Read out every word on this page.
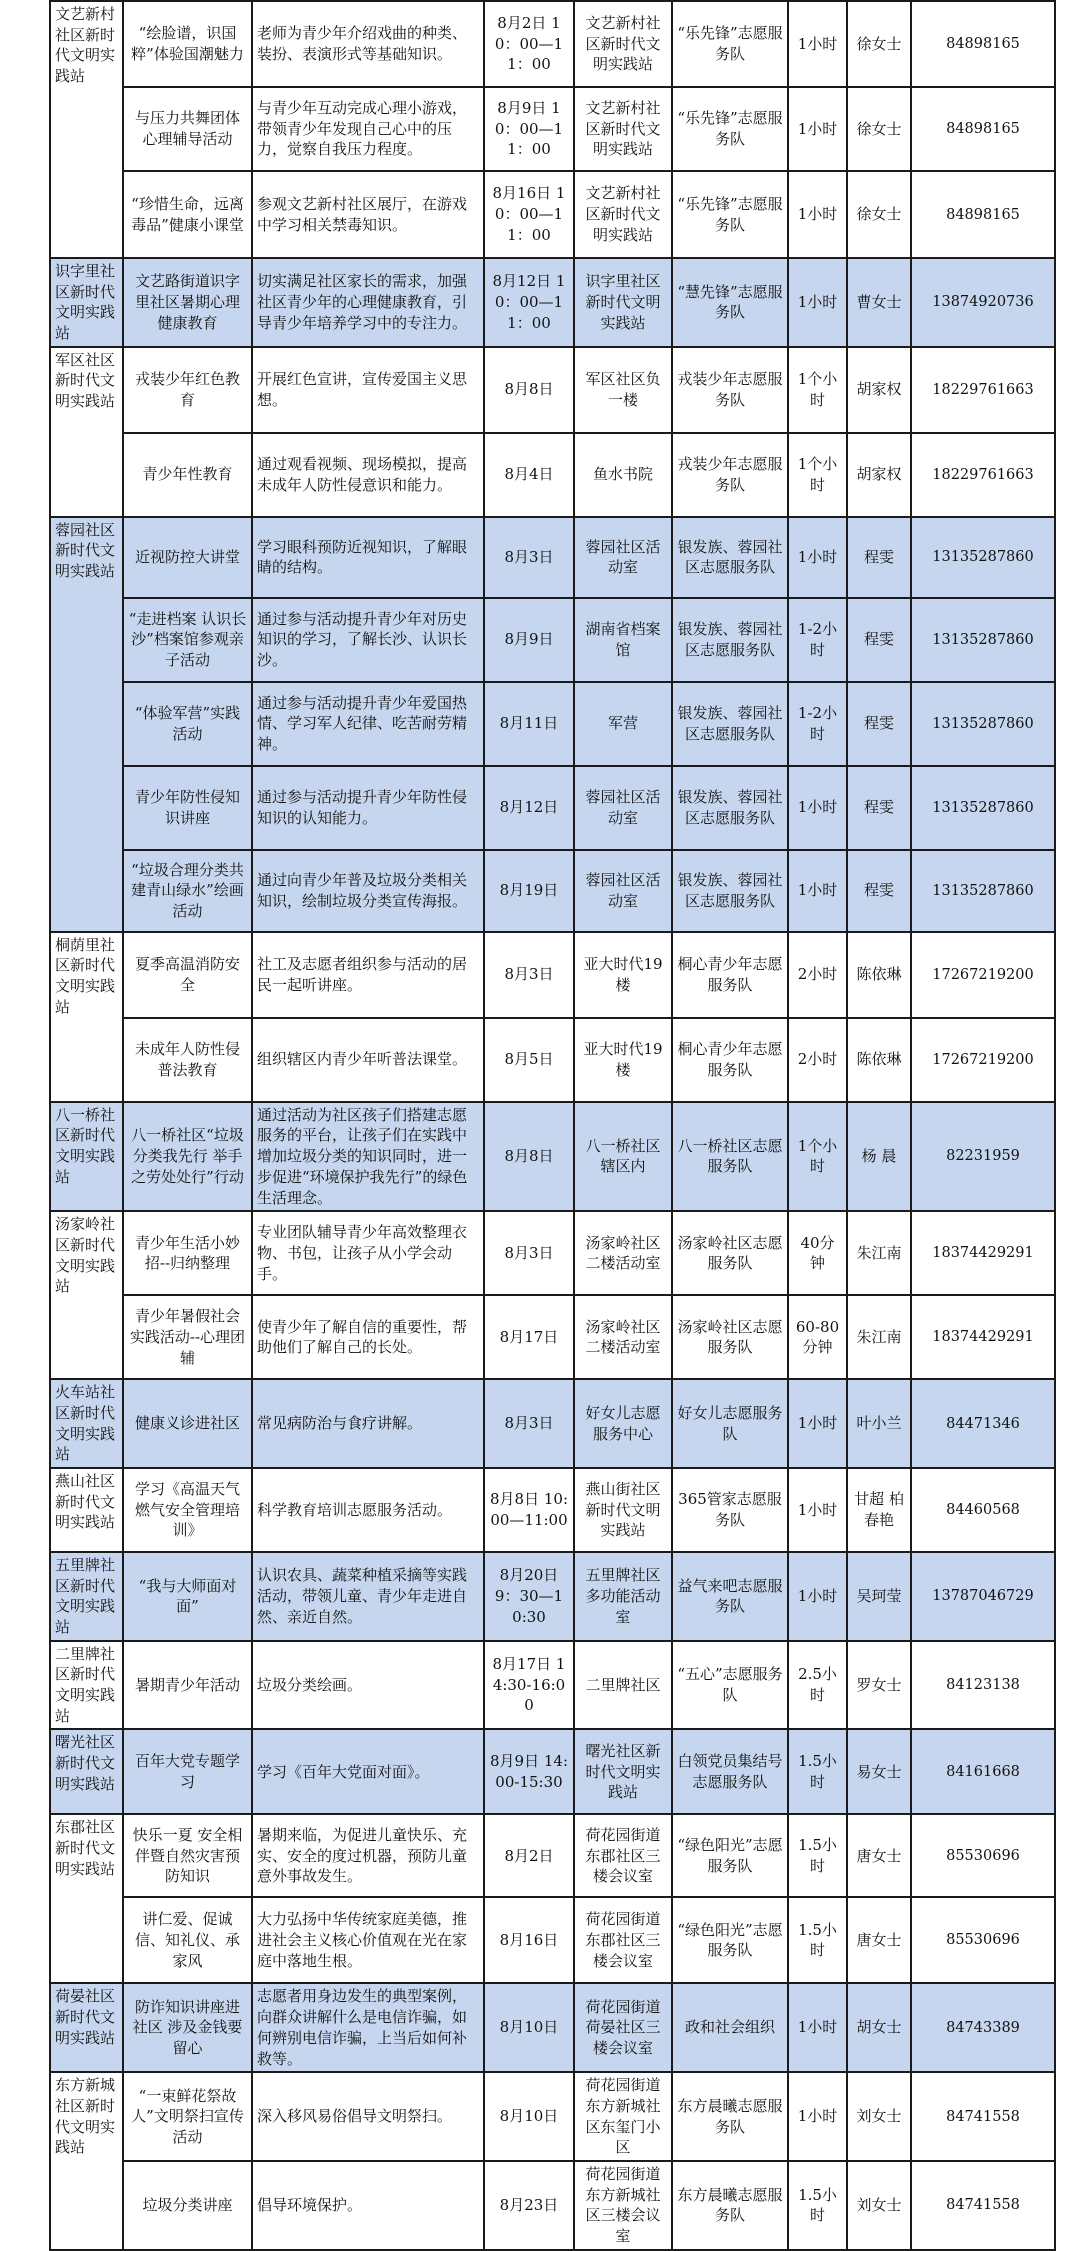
文艺新村社区新时代文明实践站	“绘脸谱，识国粹”体验国潮魅力	老师为青少年介绍戏曲的种类、装扮、表演形式等基础知识。	8月2日 10：00—11：00	文艺新村社区新时代文明实践站	“乐先锋”志愿服务队	1小时	徐女士	84898165
	与压力共舞团体心理辅导活动	与青少年互动完成心理小游戏，带领青少年发现自己心中的压力，觉察自我压力程度。	8月9日 10：00—11：00	文艺新村社区新时代文明实践站	“乐先锋”志愿服务队	1小时	徐女士	84898165
	“珍惜生命，远离毒品”健康小课堂	参观文艺新村社区展厅，在游戏中学习相关禁毒知识。	8月16日 10：00—11：00	文艺新村社区新时代文明实践站	“乐先锋”志愿服务队	1小时	徐女士	84898165
识字里社区新时代文明实践站	文艺路街道识字里社区暑期心理健康教育	切实满足社区家长的需求，加强社区青少年的心理健康教育，引导青少年培养学习中的专注力。	8月12日 10：00—11：00	识字里社区新时代文明实践站	“慧先锋”志愿服务队	1小时	曹女士	13874920736
军区社区新时代文明实践站	戎装少年红色教育	开展红色宣讲，宣传爱国主义思想。	8月8日	军区社区负一楼	戎装少年志愿服务队	1个小时	胡家权	18229761663
	青少年性教育	通过观看视频、现场模拟，提高未成年人防性侵意识和能力。	8月4日	鱼水书院	戎装少年志愿服务队	1个小时	胡家权	18229761663
蓉园社区新时代文明实践站	近视防控大讲堂	学习眼科预防近视知识，了解眼睛的结构。	8月3日	蓉园社区活动室	银发族、蓉园社区志愿服务队	1小时	程雯	13135287860
	“走进档案 认识长沙”档案馆参观亲子活动	通过参与活动提升青少年对历史知识的学习，了解长沙、认识长沙。	8月9日	湖南省档案馆	银发族、蓉园社区志愿服务队	1-2小时	程雯	13135287860
	“体验军营”实践活动	通过参与活动提升青少年爱国热情、学习军人纪律、吃苦耐劳精神。	8月11日	军营	银发族、蓉园社区志愿服务队	1-2小时	程雯	13135287860
	青少年防性侵知识讲座	通过参与活动提升青少年防性侵知识的认知能力。	8月12日	蓉园社区活动室	银发族、蓉园社区志愿服务队	1小时	程雯	13135287860
	“垃圾合理分类共建青山绿水”绘画活动	通过向青少年普及垃圾分类相关知识，绘制垃圾分类宣传海报。	8月19日	蓉园社区活动室	银发族、蓉园社区志愿服务队	1小时	程雯	13135287860
桐荫里社区新时代文明实践站	夏季高温消防安全	社工及志愿者组织参与活动的居民一起听讲座。	8月3日	亚大时代19楼	桐心青少年志愿服务队	2小时	陈依琳	17267219200
	未成年人防性侵普法教育	组织辖区内青少年听普法课堂。	8月5日	亚大时代19楼	桐心青少年志愿服务队	2小时	陈依琳	17267219200
八一桥社区新时代文明实践站	八一桥社区“垃圾分类我先行 举手之劳处处行”行动	通过活动为社区孩子们搭建志愿服务的平台，让孩子们在实践中增加垃圾分类的知识同时，进一步促进“环境保护我先行”的绿色生活理念。	8月8日	八一桥社区辖区内	八一桥社区志愿服务队	1个小时	杨 晨	82231959
汤家岭社区新时代文明实践站	青少年生活小妙招--归纳整理	专业团队辅导青少年高效整理衣物、书包，让孩子从小学会动手。	8月3日	汤家岭社区二楼活动室	汤家岭社区志愿服务队	40分钟	朱江南	18374429291
	青少年暑假社会实践活动--心理团辅	使青少年了解自信的重要性，帮助他们了解自己的长处。	8月17日	汤家岭社区二楼活动室	汤家岭社区志愿服务队	60-80分钟	朱江南	18374429291
火车站社区新时代文明实践站	健康义诊进社区	常见病防治与食疗讲解。	8月3日	好女儿志愿服务中心	好女儿志愿服务队	1小时	叶小兰	84471346
燕山社区新时代文明实践站	学习《高温天气燃气安全管理培训》	科学教育培训志愿服务活动。	8月8日 10:00—11:00	燕山街社区新时代文明实践站	365管家志愿服务队	1小时	甘超 柏春艳	84460568
五里牌社区新时代文明实践站	“我与大师面对面”	认识农具、蔬菜种植采摘等实践活动，带领儿童、青少年走进自然、亲近自然。	8月20日 9：30—10:30	五里牌社区多功能活动室	益气来吧志愿服务队	1小时	吴珂莹	13787046729
二里牌社区新时代文明实践站	暑期青少年活动	垃圾分类绘画。	8月17日 14:30-16:00	二里牌社区	“五心”志愿服务队	2.5小时	罗女士	84123138
曙光社区新时代文明实践站	百年大党专题学习	学习《百年大党面对面》。	8月9日 14:00-15:30	曙光社区新时代文明实践站	白领党员集结号志愿服务队	1.5小时	易女士	84161668
东郡社区新时代文明实践站	快乐一夏 安全相伴暨自然灾害预防知识	暑期来临，为促进儿童快乐、充实、安全的度过机器，预防儿童意外事故发生。	8月2日	荷花园街道东郡社区三楼会议室	“绿色阳光”志愿服务队	1.5小时	唐女士	85530696
	讲仁爱、促诚信、知礼仪、承家风	大力弘扬中华传统家庭美德，推进社会主义核心价值观在光在家庭中落地生根。	8月16日	荷花园街道东郡社区三楼会议室	“绿色阳光”志愿服务队	1.5小时	唐女士	85530696
荷晏社区新时代文明实践站	防诈知识讲座进社区 涉及金钱要留心	志愿者用身边发生的典型案例，向群众讲解什么是电信诈骗，如何辨别电信诈骗，上当后如何补救等。	8月10日	荷花园街道荷晏社区三楼会议室	政和社会组织	1小时	胡女士	84743389
东方新城社区新时代文明实践站	“一束鲜花祭故人”文明祭扫宣传活动	深入移风易俗倡导文明祭扫。	8月10日	荷花园街道东方新城社区东玺门小区	东方晨曦志愿服务队	1小时	刘女士	84741558
	垃圾分类讲座	倡导环境保护。	8月23日	荷花园街道东方新城社区三楼会议室	东方晨曦志愿服务队	1.5小时	刘女士	84741558
